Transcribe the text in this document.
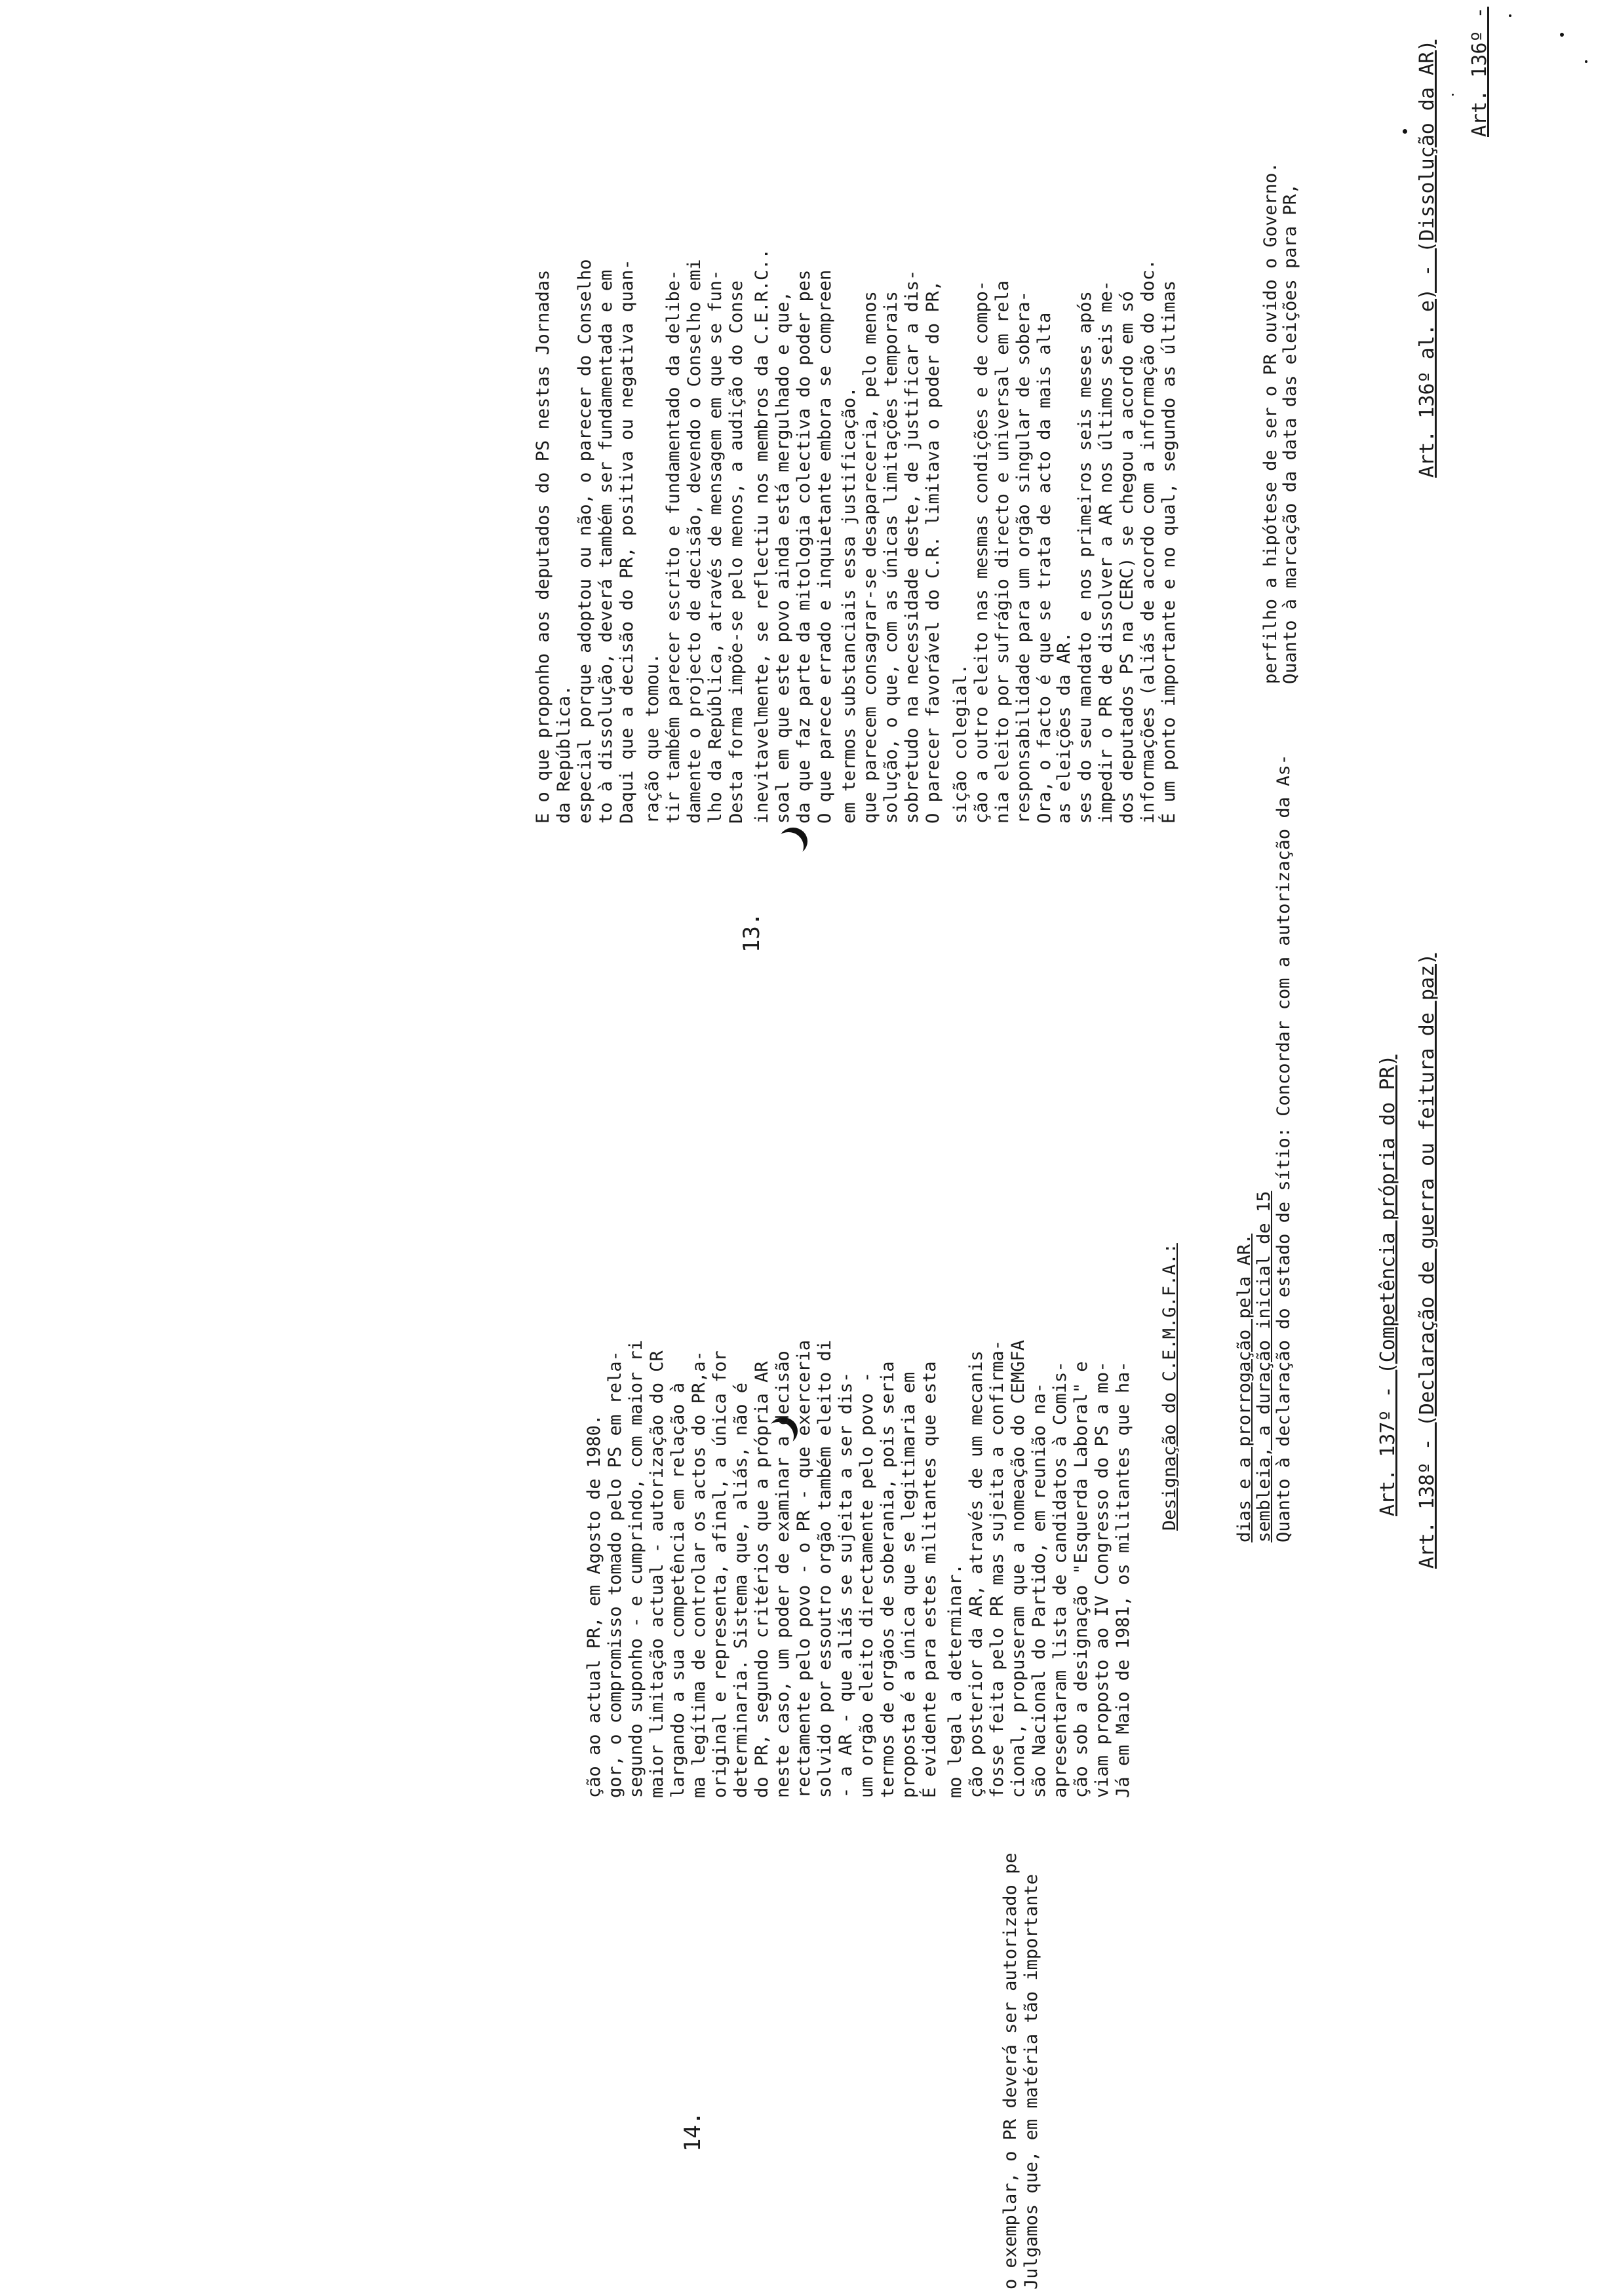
13.
Art. 136º -
Quanto à marcação da data das eleições para PR,
perfilho a hipótese de ser o PR ouvido o Governo.	Art. 136º al. e) - (Dissolução da AR)
É um ponto importante e no qual, segundo as últimas
informações (aliás de acordo com a informação do doc.
dos deputados PS na CERC) se chegou a acordo em só
impedir o PR de dissolver a AR nos últimos seis me-
ses do seu mandato e nos primeiros seis meses após
as eleições da AR.
Ora, o facto é que se trata de acto da mais alta
responsabilidade para um orgão singular de sobera-
nia eleito por sufrágio directo e universal em rela
ção a outro eleito nas mesmas condições e de compo-
sição colegial.
O parecer favorável do C.R. limitava o poder do PR,
sobretudo na necessidade deste, de justificar a dis-
solução, o que, com as únicas limitações temporais
que parecem consagrar-se desapareceria, pelo menos
em termos substanciais essa justificação.
O que parece errado e inquietante embora se compreen
da que faz parte da mitologia colectiva do poder pes
soal em que este povo ainda está mergulhado e que,
inevitavelmente, se reflectiu nos membros da C.E.R.C..
Desta forma impõe-se pelo menos, a audição do Conse
lho da República, através de mensagem em que se fun-
damente o projecto de decisão, devendo o Conselho emi
tir também parecer escrito e fundamentado da delibe-
ração que tomou.
Daqui que a decisão do PR, positiva ou negativa quan-
to à dissolução, deverá também ser fundamentada e em
especial porque adoptou ou não, o parecer do Conselho
da República.
E o que proponho aos deputados do PS nestas Jornadas
14.
Art. 137º - (Competência própria do PR)
Quanto à declaração do estado de sítio: Concordar com a autorização da As-
sembleia, a duração inicial de 15
dias e a prorrogação pela AR.
Designação do C.E.M.G.F.A.:
Já em Maio de 1981, os militantes que ha-
viam proposto ao IV Congresso do PS a mo-
ção sob a designação "Esquerda Laboral" e
apresentaram lista de candidatos à Comis-
são Nacional do Partido, em reunião na-
cional, propuseram que a nomeação do CEMGFA
fosse feita pelo PR mas sujeita a confirma-
ção posterior da AR, através de um mecanis
mo legal a determinar.
É evidente para estes militantes que esta
proposta é a única que se legitimaria em
termos de orgãos de soberania, pois seria
um orgão eleito directamente pelo povo -
- a AR - que aliás se sujeita a ser dis-
solvido por essoutro orgão também eleito di
rectamente pelo povo - o PR - que exerceria
neste caso, um poder de examinar a decisão
do PR, segundo critérios que a própria AR
determinaria. Sistema que, aliás, não é
original e representa, afinal, a única for
ma legítima de controlar os actos do PR,a-
largando a sua competência em relação à
maior limitação actual - autorização do CR
segundo suponho - e cumprindo, com maior ri
gor, o compromisso tomado pelo PS em rela-
ção ao actual PR, em Agosto de 1980.
Art. 138º - (Declaração de guerra ou feitura de paz)
Julgamos que, em matéria tão importante
o exemplar, o PR deverá ser autorizado pe
